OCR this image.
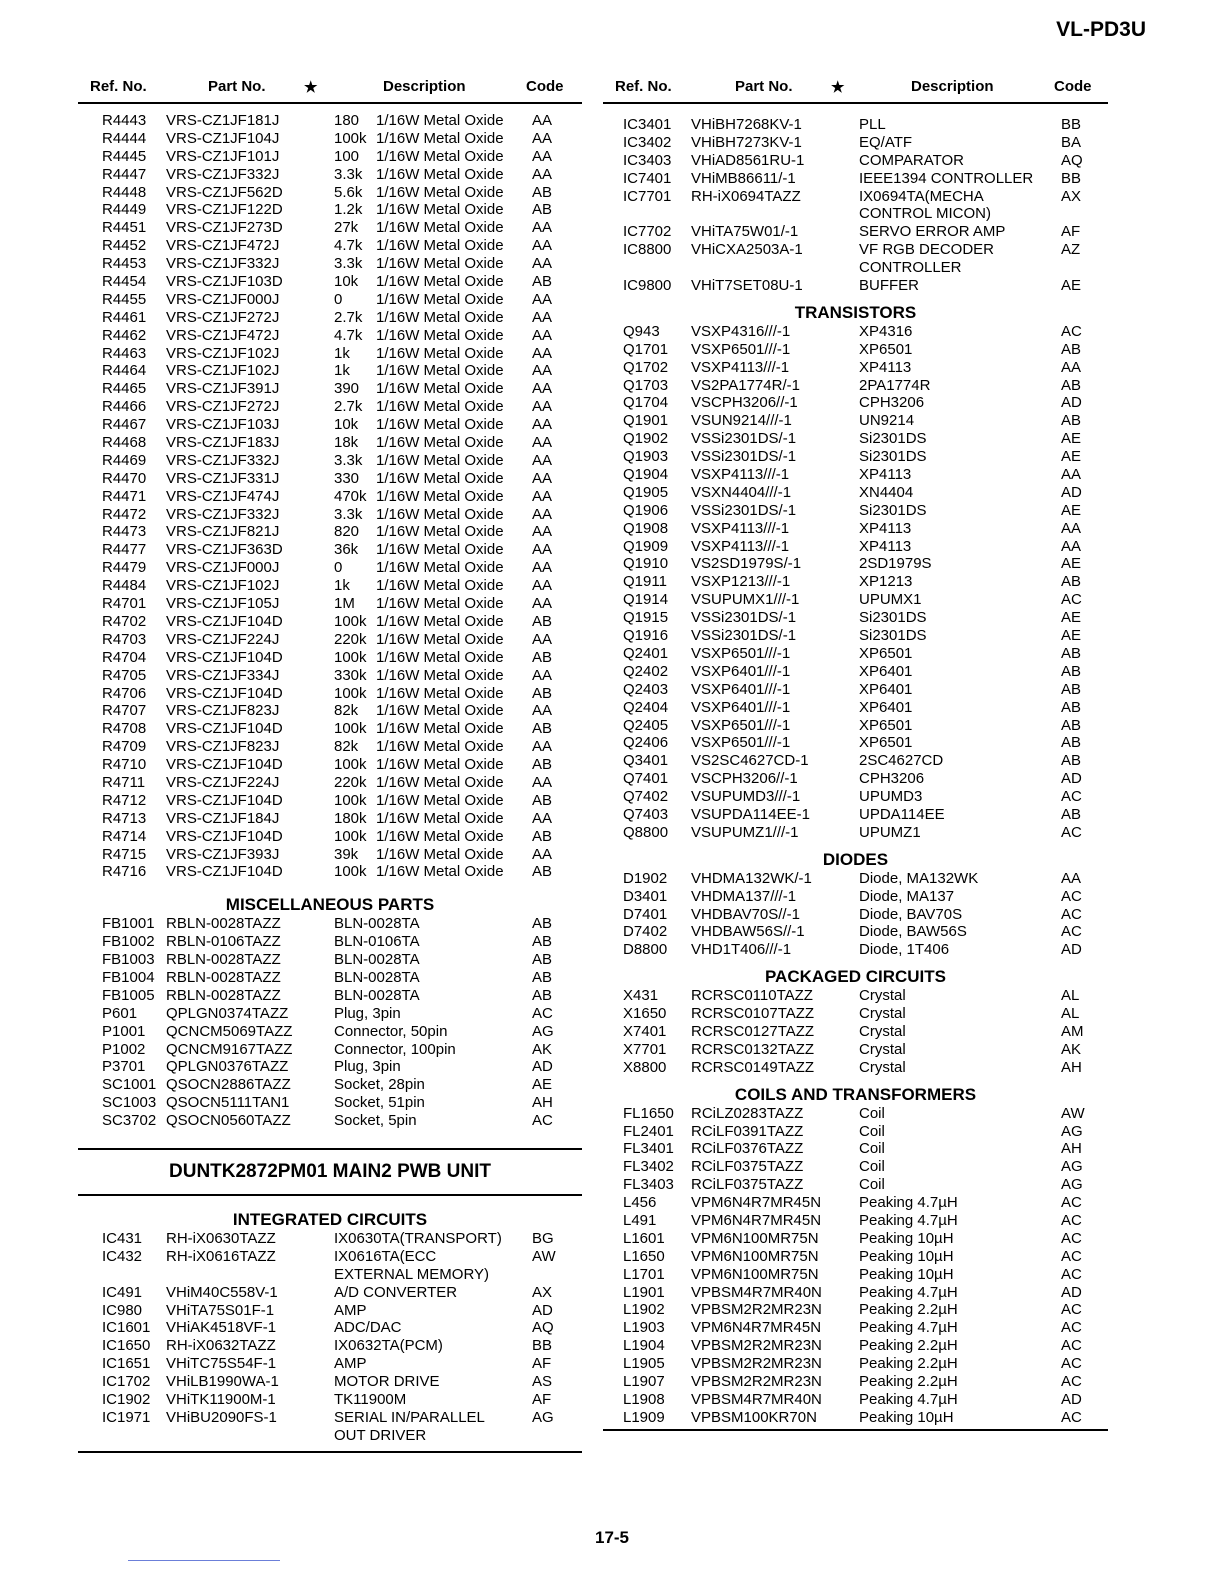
VL-PD3U
Ref. No.	Part No.	★	Description	Code
R4443 VRS-CZ1JF181J	180 1/16W Metal Oxide AA
R4444 VRS-CZ1JF104J	100k 1/16W Metal Oxide AA
R4445 VRS-CZ1JF101J	100 1/16W Metal Oxide AA
R4447 VRS-CZ1JF332J	3.3k 1/16W Metal Oxide AA
R4448 VRS-CZ1JF562D	5.6k 1/16W Metal Oxide AB
R4449 VRS-CZ1JF122D	1.2k 1/16W Metal Oxide AB
R4451 VRS-CZ1JF273D	27k 1/16W Metal Oxide AA
R4452 VRS-CZ1JF472J	4.7k 1/16W Metal Oxide AA
R4453 VRS-CZ1JF332J	3.3k 1/16W Metal Oxide AA
R4454 VRS-CZ1JF103D	10k 1/16W Metal Oxide AB
R4455 VRS-CZ1JF000J	0 1/16W Metal Oxide AA
R4461 VRS-CZ1JF272J	2.7k 1/16W Metal Oxide AA
R4462 VRS-CZ1JF472J	4.7k 1/16W Metal Oxide AA
R4463 VRS-CZ1JF102J	1k 1/16W Metal Oxide AA
R4464 VRS-CZ1JF102J	1k 1/16W Metal Oxide AA
R4465 VRS-CZ1JF391J	390 1/16W Metal Oxide AA
R4466 VRS-CZ1JF272J	2.7k 1/16W Metal Oxide AA
R4467 VRS-CZ1JF103J	10k 1/16W Metal Oxide AA
R4468 VRS-CZ1JF183J	18k 1/16W Metal Oxide AA
R4469 VRS-CZ1JF332J	3.3k 1/16W Metal Oxide AA
R4470 VRS-CZ1JF331J	330 1/16W Metal Oxide AA
R4471 VRS-CZ1JF474J	470k 1/16W Metal Oxide AA
R4472 VRS-CZ1JF332J	3.3k 1/16W Metal Oxide AA
R4473 VRS-CZ1JF821J	820 1/16W Metal Oxide AA
R4477 VRS-CZ1JF363D	36k 1/16W Metal Oxide AA
R4479 VRS-CZ1JF000J	0 1/16W Metal Oxide AA
R4484 VRS-CZ1JF102J	1k 1/16W Metal Oxide AA
R4701 VRS-CZ1JF105J	1M 1/16W Metal Oxide AA
R4702 VRS-CZ1JF104D	100k 1/16W Metal Oxide AB
R4703 VRS-CZ1JF224J	220k 1/16W Metal Oxide AA
R4704 VRS-CZ1JF104D	100k 1/16W Metal Oxide AB
R4705 VRS-CZ1JF334J	330k 1/16W Metal Oxide AA
R4706 VRS-CZ1JF104D	100k 1/16W Metal Oxide AB
R4707 VRS-CZ1JF823J	82k 1/16W Metal Oxide AA
R4708 VRS-CZ1JF104D	100k 1/16W Metal Oxide AB
R4709 VRS-CZ1JF823J	82k 1/16W Metal Oxide AA
R4710 VRS-CZ1JF104D	100k 1/16W Metal Oxide AB
R4711 VRS-CZ1JF224J	220k 1/16W Metal Oxide AA
R4712 VRS-CZ1JF104D	100k 1/16W Metal Oxide AB
R4713 VRS-CZ1JF184J	180k 1/16W Metal Oxide AA
R4714 VRS-CZ1JF104D	100k 1/16W Metal Oxide AB
R4715 VRS-CZ1JF393J	39k 1/16W Metal Oxide AA
R4716 VRS-CZ1JF104D	100k 1/16W Metal Oxide AB
MISCELLANEOUS PARTS
FB1001 RBLN-0028TAZZ	BLN-0028TA	AB
FB1002 RBLN-0106TAZZ	BLN-0106TA	AB
FB1003 RBLN-0028TAZZ	BLN-0028TA	AB
FB1004 RBLN-0028TAZZ	BLN-0028TA	AB
FB1005 RBLN-0028TAZZ	BLN-0028TA	AB
P601 QPLGN0374TAZZ	Plug, 3pin	AC
P1001 QCNCM5069TAZZ	Connector, 50pin	AG
P1002 QCNCM9167TAZZ	Connector, 100pin	AK
P3701 QPLGN0376TAZZ	Plug, 3pin	AD
SC1001 QSOCN2886TAZZ	Socket, 28pin	AE
SC1003 QSOCN5111TAN1	Socket, 51pin	AH
SC3702 QSOCN0560TAZZ	Socket, 5pin	AC
DUNTK2872PM01 MAIN2 PWB UNIT
INTEGRATED CIRCUITS
IC431 RH-iX0630TAZZ	IX0630TA(TRANSPORT) BG
IC432 RH-iX0616TAZZ	IX0616TA(ECC	AW
EXTERNAL MEMORY)
IC491 VHiM40C558V-1	A/D CONVERTER	AX
IC980 VHiTA75S01F-1	AMP	AD
IC1601 VHiAK4518VF-1	ADC/DAC	AQ
IC1650 RH-iX0632TAZZ	IX0632TA(PCM)	BB
IC1651 VHiTC75S54F-1	AMP	AF
IC1702 VHiLB1990WA-1	MOTOR DRIVE	AS
IC1902 VHiTK11900M-1	TK11900M	AF
IC1971 VHiBU2090FS-1	SERIAL IN/PARALLEL	AG
OUT DRIVER
Ref. No.	Part No.	★	Description	Code
IC3401 VHiBH7268KV-1	PLL	BB
IC3402 VHiBH7273KV-1	EQ/ATF	BA
IC3403 VHiAD8561RU-1	COMPARATOR	AQ
IC7401 VHiMB86611/-1	IEEE1394 CONTROLLER BB
IC7701 RH-iX0694TAZZ	IX0694TA(MECHA	AX
CONTROL MICON)
IC7702 VHiTA75W01/-1	SERVO ERROR AMP	AF
IC8800 VHiCXA2503A-1	VF RGB DECODER	AZ
CONTROLLER
IC9800 VHiT7SET08U-1	BUFFER	AE
TRANSISTORS
Q943 VSXP4316///-1	XP4316	AC
Q1701 VSXP6501///-1	XP6501	AB
Q1702 VSXP4113///-1	XP4113	AA
Q1703 VS2PA1774R/-1	2PA1774R	AB
Q1704 VSCPH3206//-1	CPH3206	AD
Q1901 VSUN9214///-1	UN9214	AB
Q1902 VSSi2301DS/-1	Si2301DS	AE
Q1903 VSSi2301DS/-1	Si2301DS	AE
Q1904 VSXP4113///-1	XP4113	AA
Q1905 VSXN4404///-1	XN4404	AD
Q1906 VSSi2301DS/-1	Si2301DS	AE
Q1908 VSXP4113///-1	XP4113	AA
Q1909 VSXP4113///-1	XP4113	AA
Q1910 VS2SD1979S/-1	2SD1979S	AE
Q1911 VSXP1213///-1	XP1213	AB
Q1914 VSUPUMX1///-1	UPUMX1	AC
Q1915 VSSi2301DS/-1	Si2301DS	AE
Q1916 VSSi2301DS/-1	Si2301DS	AE
Q2401 VSXP6501///-1	XP6501	AB
Q2402 VSXP6401///-1	XP6401	AB
Q2403 VSXP6401///-1	XP6401	AB
Q2404 VSXP6401///-1	XP6401	AB
Q2405 VSXP6501///-1	XP6501	AB
Q2406 VSXP6501///-1	XP6501	AB
Q3401 VS2SC4627CD-1	2SC4627CD	AB
Q7401 VSCPH3206//-1	CPH3206	AD
Q7402 VSUPUMD3///-1	UPUMD3	AC
Q7403 VSUPDA114EE-1	UPDA114EE	AB
Q8800 VSUPUMZ1///-1	UPUMZ1	AC
DIODES
D1902 VHDMA132WK/-1	Diode, MA132WK	AA
D3401 VHDMA137///-1	Diode, MA137	AC
D7401 VHDBAV70S//-1	Diode, BAV70S	AC
D7402 VHDBAW56S//-1	Diode, BAW56S	AC
D8800 VHD1T406///-1	Diode, 1T406	AD
PACKAGED CIRCUITS
X431 RCRSC0110TAZZ	Crystal	AL
X1650 RCRSC0107TAZZ	Crystal	AL
X7401 RCRSC0127TAZZ	Crystal	AM
X7701 RCRSC0132TAZZ	Crystal	AK
X8800 RCRSC0149TAZZ	Crystal	AH
COILS AND TRANSFORMERS
FL1650 RCiLZ0283TAZZ	Coil	AW
FL2401 RCiLF0391TAZZ	Coil	AG
FL3401 RCiLF0376TAZZ	Coil	AH
FL3402 RCiLF0375TAZZ	Coil	AG
FL3403 RCiLF0375TAZZ	Coil	AG
L456 VPM6N4R7MR45N	Peaking 4.7µH	AC
L491 VPM6N4R7MR45N	Peaking 4.7µH	AC
L1601 VPM6N100MR75N	Peaking 10µH	AC
L1650 VPM6N100MR75N	Peaking 10µH	AC
L1701 VPM6N100MR75N	Peaking 10µH	AC
L1901 VPBSM4R7MR40N Peaking 4.7µH	AD
L1902 VPBSM2R2MR23N Peaking 2.2µH	AC
L1903 VPM6N4R7MR45N	Peaking 4.7µH	AC
L1904 VPBSM2R2MR23N Peaking 2.2µH	AC
L1905 VPBSM2R2MR23N Peaking 2.2µH	AC
L1907 VPBSM2R2MR23N Peaking 2.2µH	AC
L1908 VPBSM4R7MR40N Peaking 4.7µH	AD
L1909 VPBSM100KR70N	Peaking 10µH	AC
17-5
